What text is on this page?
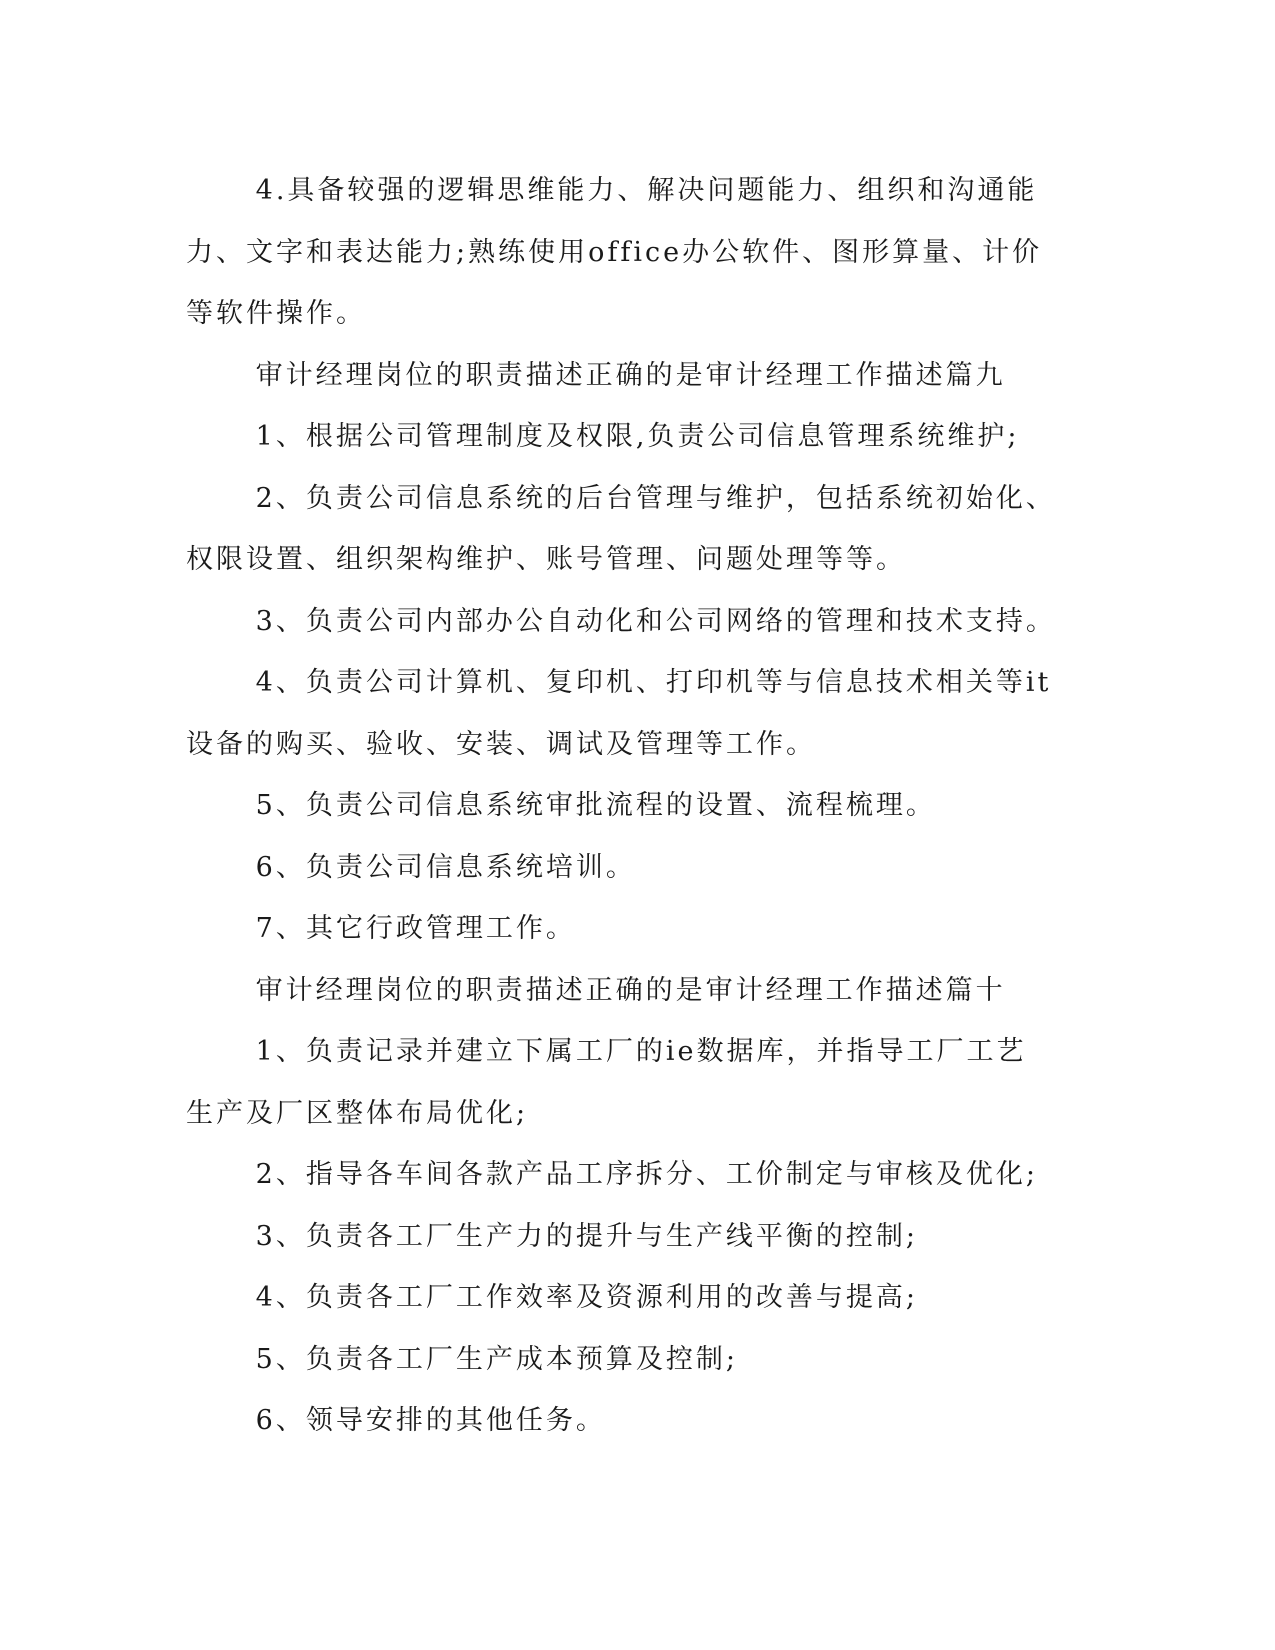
4.具备较强的逻辑思维能力、解决问题能力、组织和沟通能力、文字和表达能力;熟练使用office办公软件、图形算量、计价等软件操作。

审计经理岗位的职责描述正确的是审计经理工作描述篇九

1、根据公司管理制度及权限,负责公司信息管理系统维护;

2、负责公司信息系统的后台管理与维护，包括系统初始化、权限设置、组织架构维护、账号管理、问题处理等等。

3、负责公司内部办公自动化和公司网络的管理和技术支持。

4、负责公司计算机、复印机、打印机等与信息技术相关等it设备的购买、验收、安装、调试及管理等工作。

5、负责公司信息系统审批流程的设置、流程梳理。

6、负责公司信息系统培训。

7、其它行政管理工作。

审计经理岗位的职责描述正确的是审计经理工作描述篇十

1、负责记录并建立下属工厂的ie数据库，并指导工厂工艺生产及厂区整体布局优化;

2、指导各车间各款产品工序拆分、工价制定与审核及优化;

3、负责各工厂生产力的提升与生产线平衡的控制;

4、负责各工厂工作效率及资源利用的改善与提高;

5、负责各工厂生产成本预算及控制;

6、领导安排的其他任务。
